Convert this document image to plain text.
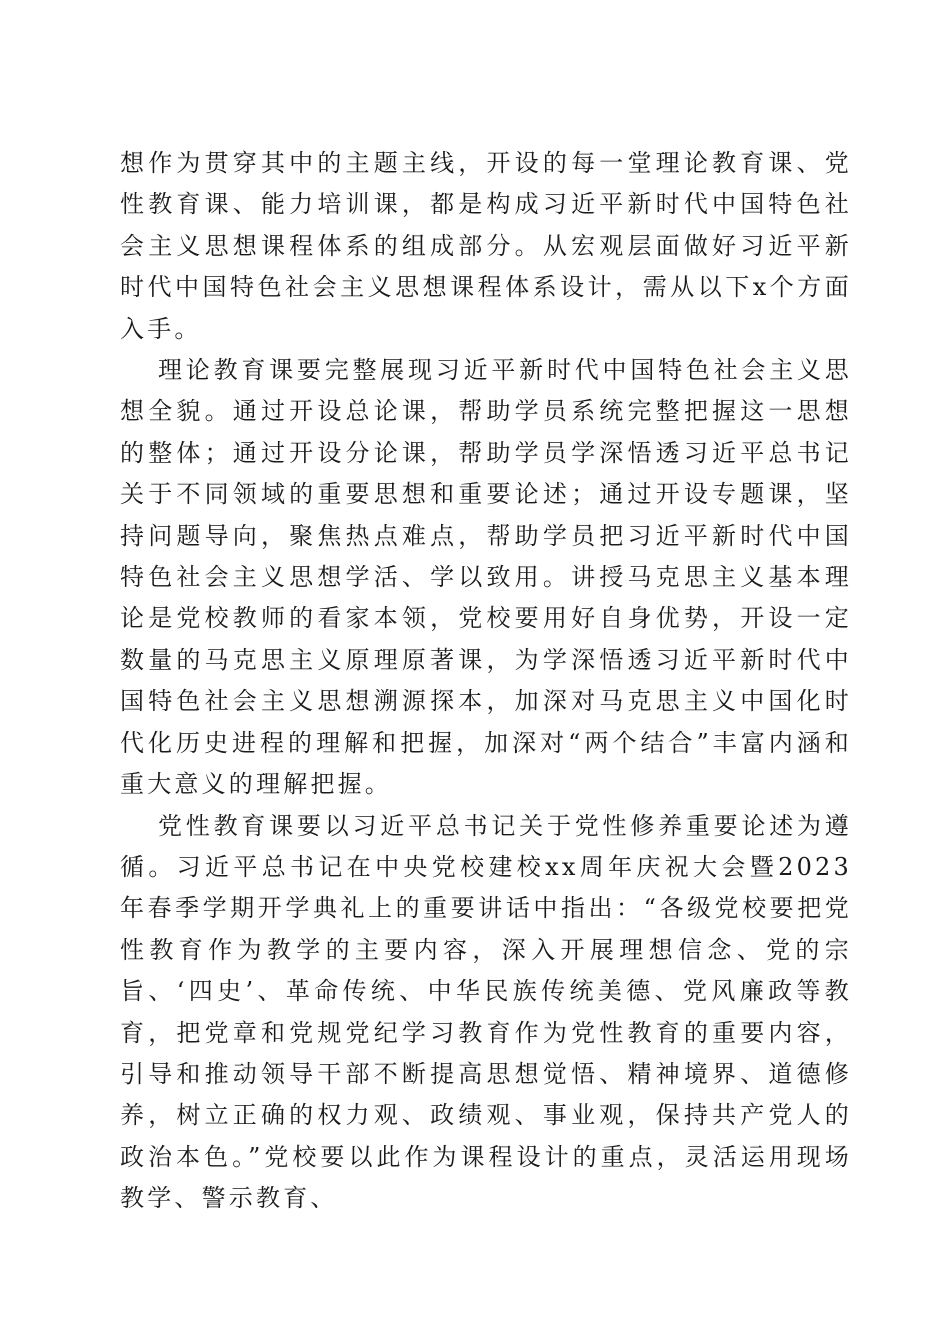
想作为贯穿其中的主题主线，开设的每一堂理论教育课、党性教育课、能力培训课，都是构成习近平新时代中国特色社会主义思想课程体系的组成部分。从宏观层面做好习近平新时代中国特色社会主义思想课程体系设计，需从以下x个方面入手。

理论教育课要完整展现习近平新时代中国特色社会主义思想全貌。通过开设总论课，帮助学员系统完整把握这一思想的整体；通过开设分论课，帮助学员学深悟透习近平总书记关于不同领域的重要思想和重要论述；通过开设专题课，坚持问题导向，聚焦热点难点，帮助学员把习近平新时代中国特色社会主义思想学活、学以致用。讲授马克思主义基本理论是党校教师的看家本领，党校要用好自身优势，开设一定数量的马克思主义原理原著课，为学深悟透习近平新时代中国特色社会主义思想溯源探本，加深对马克思主义中国化时代化历史进程的理解和把握，加深对“两个结合”丰富内涵和重大意义的理解把握。

党性教育课要以习近平总书记关于党性修养重要论述为遵循。习近平总书记在中央党校建校xx周年庆祝大会暨2023年春季学期开学典礼上的重要讲话中指出：“各级党校要把党性教育作为教学的主要内容，深入开展理想信念、党的宗旨、‘四史’、革命传统、中华民族传统美德、党风廉政等教育，把党章和党规党纪学习教育作为党性教育的重要内容，引导和推动领导干部不断提高思想觉悟、精神境界、道德修养，树立正确的权力观、政绩观、事业观，保持共产党人的政治本色。”党校要以此作为课程设计的重点，灵活运用现场教学、警示教育、
